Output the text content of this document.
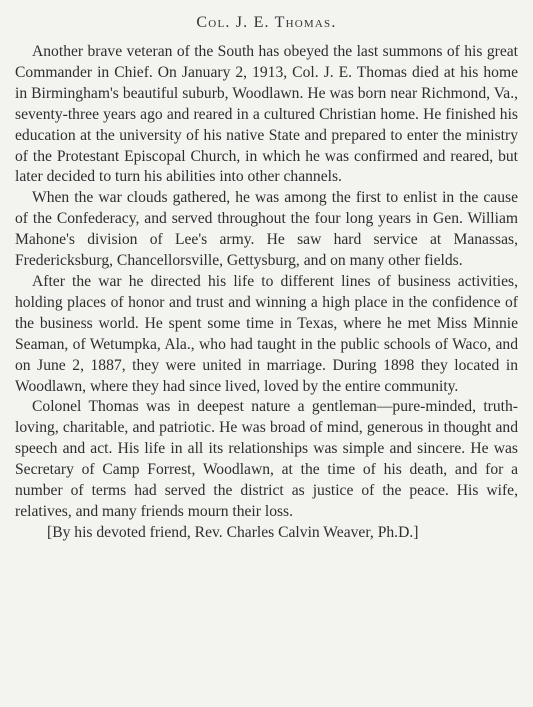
Col. J. E. Thomas.

Another brave veteran of the South has obeyed the last summons of his great Commander in Chief. On January 2, 1913, Col. J. E. Thomas died at his home in Birmingham's beautiful suburb, Woodlawn. He was born near Richmond, Va., seventy-three years ago and reared in a cultured Christian home. He finished his education at the university of his native State and prepared to enter the ministry of the Protestant Episcopal Church, in which he was confirmed and reared, but later decided to turn his abilities into other channels.

When the war clouds gathered, he was among the first to enlist in the cause of the Confederacy, and served throughout the four long years in Gen. William Mahone's division of Lee's army. He saw hard service at Manassas, Fredericksburg, Chancellorsville, Gettysburg, and on many other fields.

After the war he directed his life to different lines of business activities, holding places of honor and trust and winning a high place in the confidence of the business world. He spent some time in Texas, where he met Miss Minnie Seaman, of Wetumpka, Ala., who had taught in the public schools of Waco, and on June 2, 1887, they were united in marriage. During 1898 they located in Woodlawn, where they had since lived, loved by the entire community.

Colonel Thomas was in deepest nature a gentleman—pure-minded, truth-loving, charitable, and patriotic. He was broad of mind, generous in thought and speech and act. His life in all its relationships was simple and sincere. He was Secretary of Camp Forrest, Woodlawn, at the time of his death, and for a number of terms had served the district as justice of the peace. His wife, relatives, and many friends mourn their loss.

[By his devoted friend, Rev. Charles Calvin Weaver, Ph.D.]
